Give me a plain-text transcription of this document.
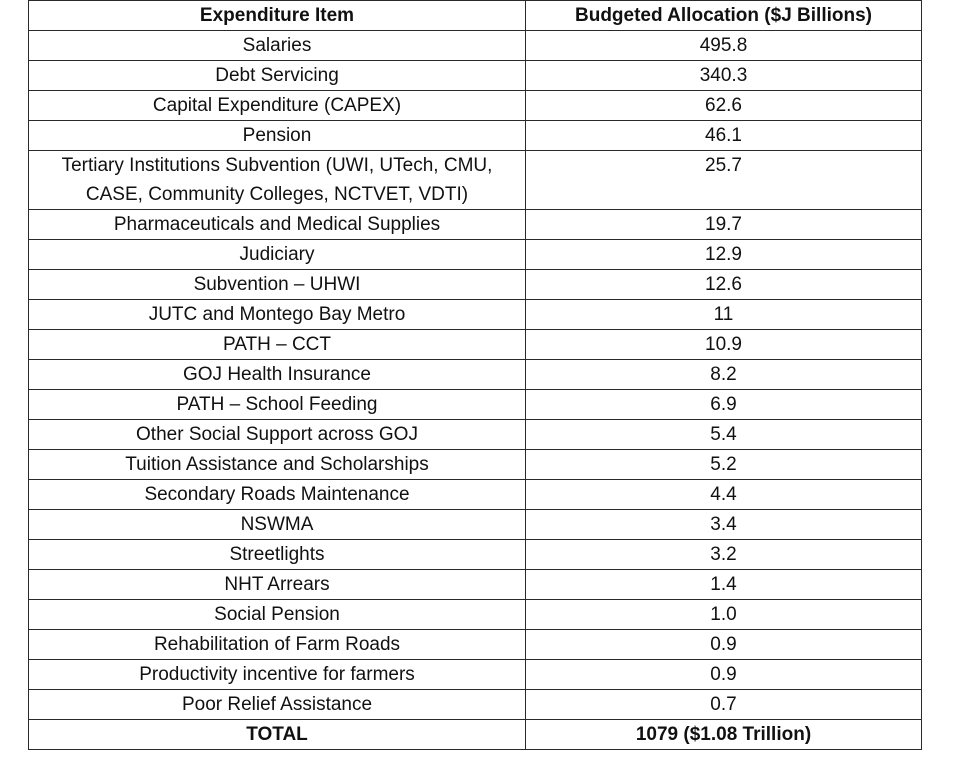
Expenditure Item	Budgeted Allocation ($J Billions)
Salaries	495.8
Debt Servicing	340.3
Capital Expenditure (CAPEX)	62.6
Pension	46.1
Tertiary Institutions Subvention (UWI, UTech, CMU, CASE, Community Colleges, NCTVET, VDTI)	25.7
Pharmaceuticals and Medical Supplies	19.7
Judiciary	12.9
Subvention – UHWI	12.6
JUTC and Montego Bay Metro	11
PATH – CCT	10.9
GOJ Health Insurance	8.2
PATH – School Feeding	6.9
Other Social Support across GOJ	5.4
Tuition Assistance and Scholarships	5.2
Secondary Roads Maintenance	4.4
NSWMA	3.4
Streetlights	3.2
NHT Arrears	1.4
Social Pension	1.0
Rehabilitation of Farm Roads	0.9
Productivity incentive for farmers	0.9
Poor Relief Assistance	0.7
TOTAL	1079 ($1.08 Trillion)
